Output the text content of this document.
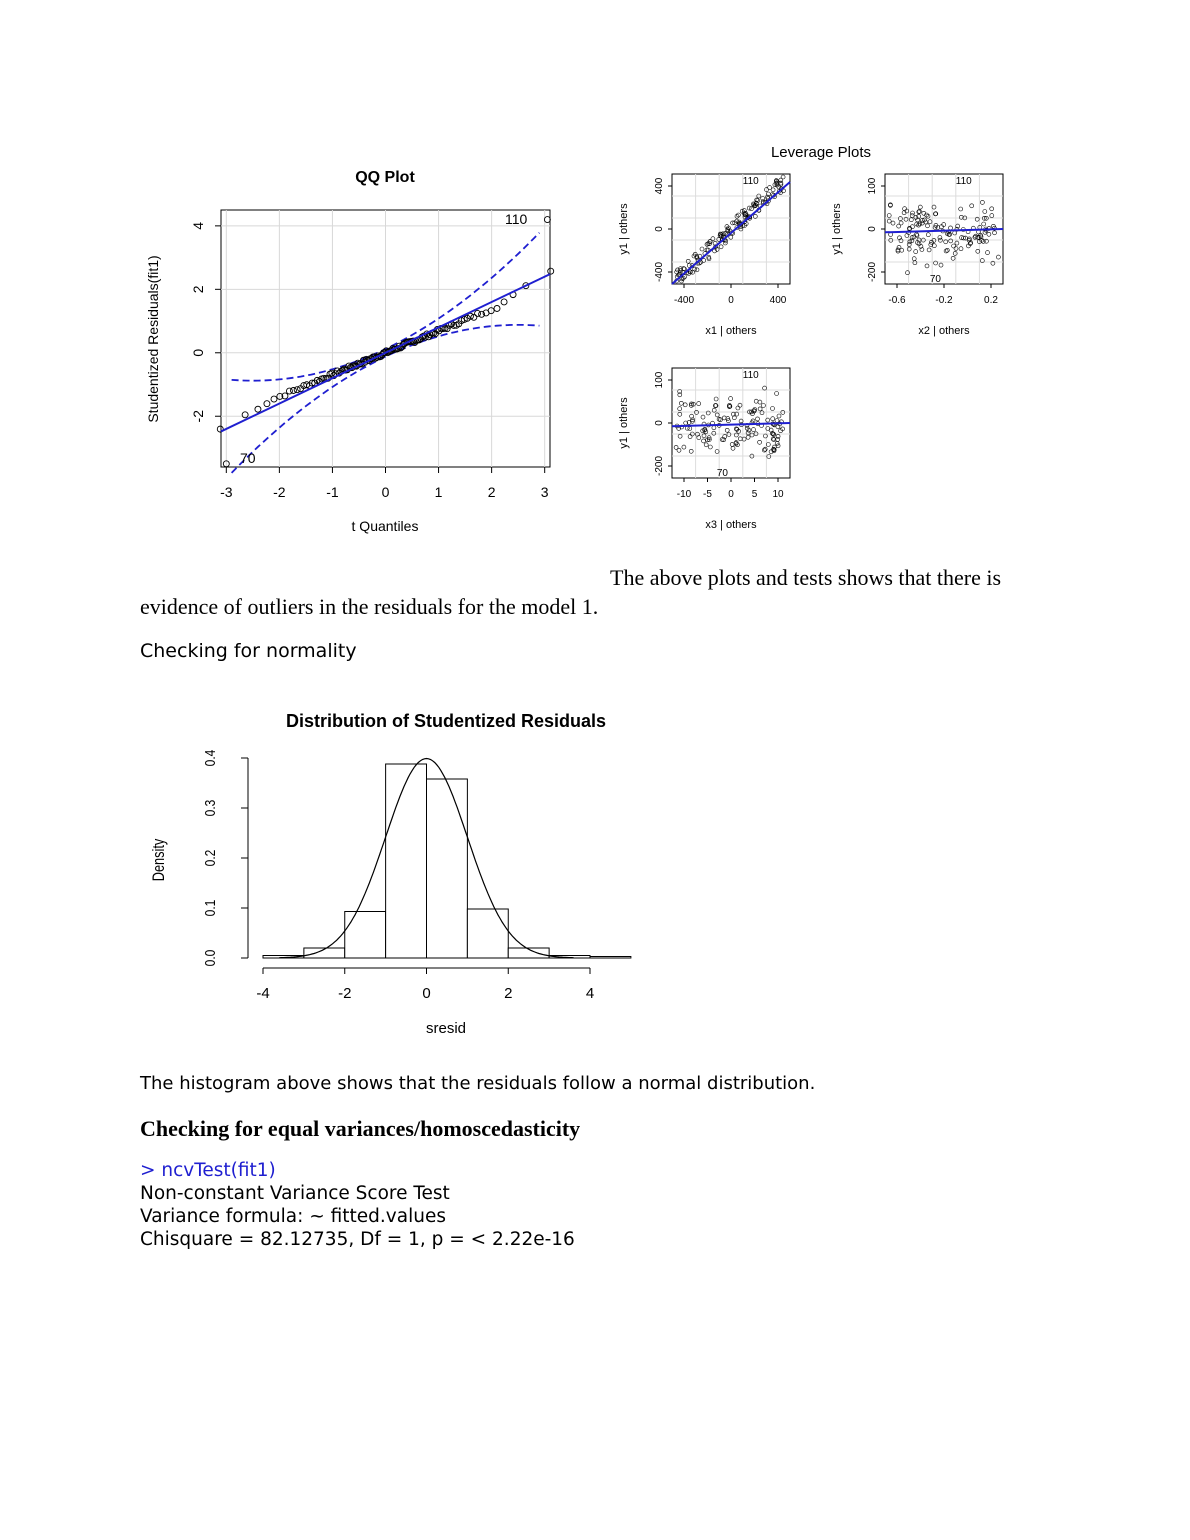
QQ Plot
-3	-2	-1	0	1	2	3
-2
0
2
4	110
70
t Quantiles
Studentized Residuals(fit1)
Leverage Plots
110
-400	0	400
-400
0
400
x1 | others
y1 | others
110
70
-0.6	-0.2	0.2
-200
0
100
x2 | others
y1 | others
110
70
-10 -5 0 5 10
-200
0
100
x3 | others
y1 | others
The above plots and tests shows that there is evidence of outliers in the residuals for the model 1.
Checking for normality
Distribution of Studentized Residuals
0.0
0.1
0.2
0.3
0.4
-4	-2	0	2	4
sresid
Density
The histogram above shows that the residuals follow a normal distribution.
Checking for equal variances/homoscedasticity
> ncvTest(fit1)
Non-constant Variance Score Test
Variance formula: ~ fitted.values
Chisquare = 82.12735, Df = 1, p = < 2.22e-16
